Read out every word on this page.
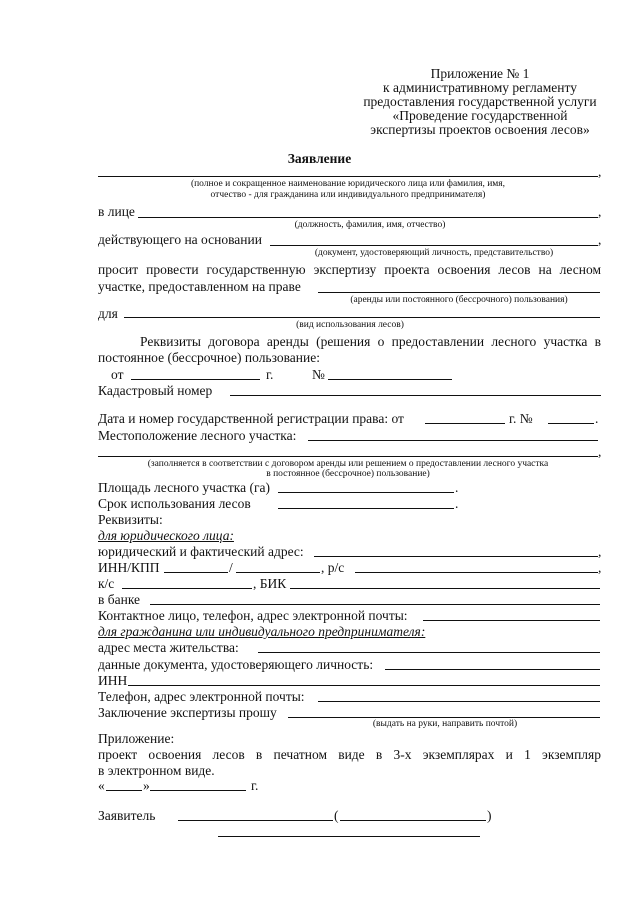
Приложение № 1
к административному регламенту
предоставления государственной услуги
«Проведение государственной
экспертизы проектов освоения лесов»
Заявление
,
(полное и сокращенное наименование юридического лица или фамилия, имя,
отчество - для гражданина или индивидуального предпринимателя)
в лице	,
(должность, фамилия, имя, отчество)
действующего на основании	,
(документ, удостоверяющий личность, представительство)
просит провести государственную экспертизу проекта освоения лесов на лесном
участке, предоставленном на праве
(аренды или постоянного (бессрочного) пользования)
для
(вид использования лесов)
Реквизиты договора аренды (решения о предоставлении лесного участка в
постоянное (бессрочное) пользование:
от	г.	№
Кадастровый номер
Дата и номер государственной регистрации права: от	г. №	.
Местоположение лесного участка:
,
(заполняется в соответствии с договором аренды или решением о предоставлении лесного участка
в постоянное (бессрочное) пользование)
Площадь лесного участка (га)	.
Срок использования лесов	.
Реквизиты:
для юридического лица:
юридический и фактический адрес:	,
ИНН/КПП	/	, р/с	,
к/с	, БИК
в банке
Контактное лицо, телефон, адрес электронной почты:
для гражданина или индивидуального предпринимателя:
адрес места жительства:
данные документа, удостоверяющего личность:
ИНН
Телефон, адрес электронной почты:
Заключение экспертизы прошу
(выдать на руки, направить почтой)
Приложение:
проект освоения лесов в печатном виде в 3-х экземплярах и 1 экземпляр
в электронном виде.
«	»	г.
Заявитель	(	)
